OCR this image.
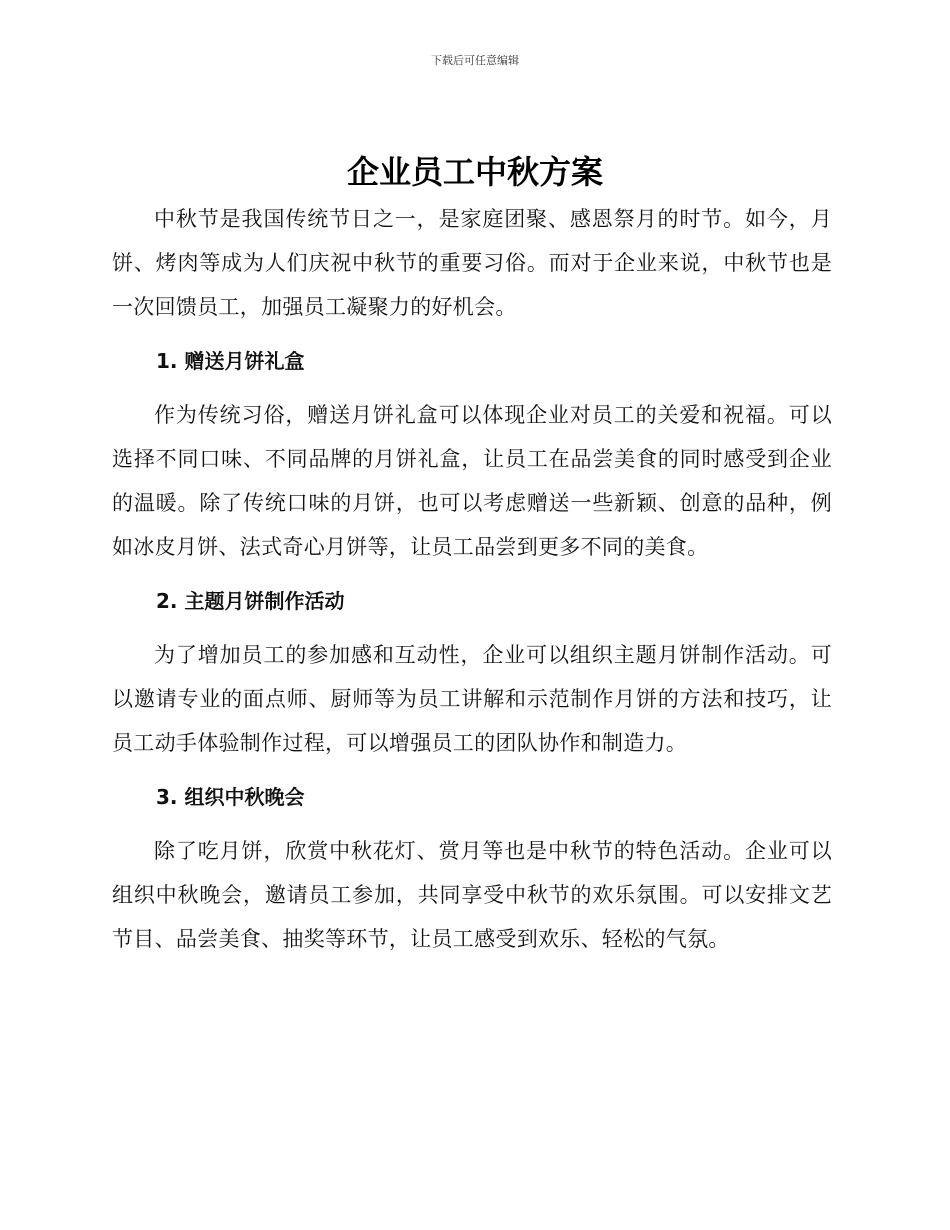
下载后可任意编辑
企业员工中秋方案

中秋节是我国传统节日之一，是家庭团聚、感恩祭月的时节。如今，月饼、烤肉等成为人们庆祝中秋节的重要习俗。而对于企业来说，中秋节也是一次回馈员工，加强员工凝聚力的好机会。

1. 赠送月饼礼盒

作为传统习俗，赠送月饼礼盒可以体现企业对员工的关爱和祝福。可以选择不同口味、不同品牌的月饼礼盒，让员工在品尝美食的同时感受到企业的温暖。除了传统口味的月饼，也可以考虑赠送一些新颖、创意的品种，例如冰皮月饼、法式奇心月饼等，让员工品尝到更多不同的美食。

2. 主题月饼制作活动

为了增加员工的参加感和互动性，企业可以组织主题月饼制作活动。可以邀请专业的面点师、厨师等为员工讲解和示范制作月饼的方法和技巧，让员工动手体验制作过程，可以增强员工的团队协作和制造力。

3. 组织中秋晚会

除了吃月饼，欣赏中秋花灯、赏月等也是中秋节的特色活动。企业可以组织中秋晚会，邀请员工参加，共同享受中秋节的欢乐氛围。可以安排文艺节目、品尝美食、抽奖等环节，让员工感受到欢乐、轻松的气氛。
